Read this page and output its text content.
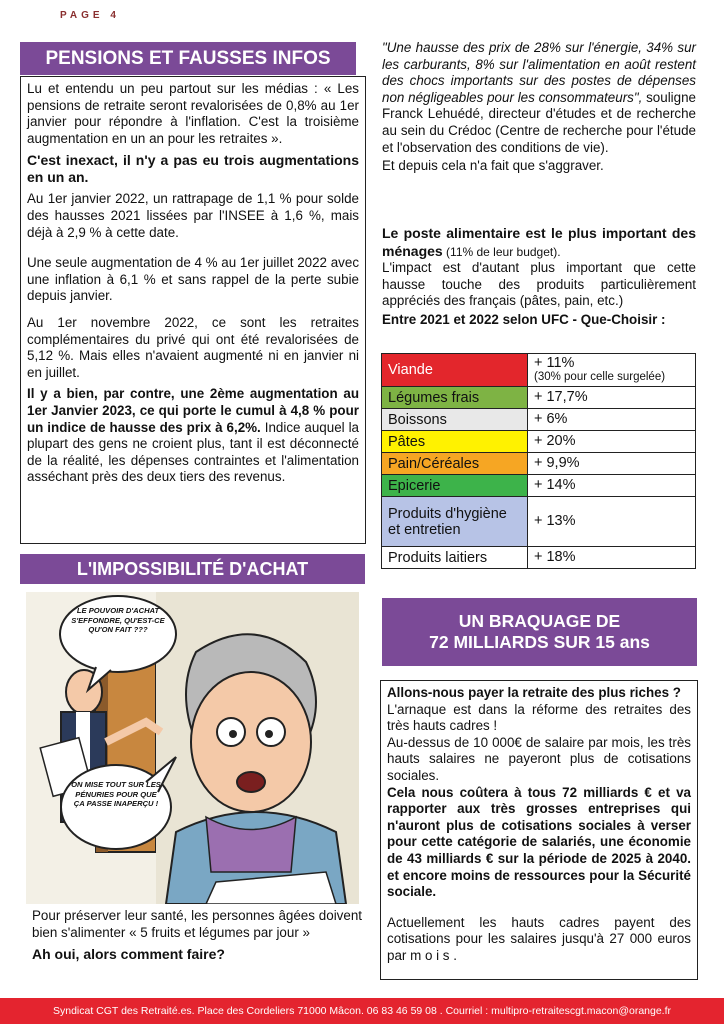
PAGE 4
PENSIONS ET FAUSSES INFOS

Lu et entendu un peu partout sur les médias : « Les pensions de retraite seront revalorisées de 0,8% au 1er janvier pour répondre à l'inflation. C'est la troisième augmentation en un an pour les retraites ».

C'est inexact, il n'y a pas eu trois augmentations en un an.

Au 1er janvier 2022, un rattrapage de 1,1 % pour solde des hausses 2021 lissées par l'INSEE à 1,6 %, mais déjà à 2,9 % à cette date.

Une seule augmentation de 4 % au 1er juillet 2022 avec une inflation à 6,1 % et sans rappel de la perte subie depuis janvier.

Au 1er novembre 2022, ce sont les retraites complémentaires du privé qui ont été revalorisées de 5,12 %. Mais elles n'avaient augmenté ni en janvier ni en juillet.

Il y a bien, par contre, une 2ème augmentation au 1er Janvier 2023, ce qui porte le cumul à 4,8 % pour un indice de hausse des prix à 6,2%. Indice auquel la plupart des gens ne croient plus, tant il est déconnecté de la réalité, les dépenses contraintes et l'alimentation asséchant près des deux tiers des revenus.

L'IMPOSSIBILITÉ D'ACHAT
LE POUVOIR D'ACHAT S'EFFONDRE, QU'EST-CE QU'ON FAIT ???
ON MISE TOUT SUR LES PÉNURIES POUR QUE ÇA PASSE INAPERÇU !

Pour préserver leur santé, les personnes âgées doivent bien s'alimenter « 5 fruits et légumes par jour »

Ah oui, alors comment faire?

"Une hausse des prix de 28% sur l'énergie, 34% sur les carburants, 8% sur l'alimentation en août restent des chocs importants sur des postes de dépenses non négligeables pour les consommateurs", souligne Franck Lehuédé, directeur d'études et de recherche au sein du Crédoc (Centre de recherche pour l'étude et l'observation des conditions de vie).

Et depuis cela n'a fait que s'aggraver.

Le poste alimentaire est le plus important des ménages (11% de leur budget).

L'impact est d'autant plus important que cette hausse touche des produits particulièrement appréciés des français (pâtes, pain, etc.)

Entre 2021 et 2022 selon UFC - Que-Choisir :

Viande	+ 11%
(30% pour celle surgelée)

Légumes frais	+ 17,7%

Boissons	+ 6%

Pâtes	+ 20%

Pain/Céréales	+ 9,9%

Epicerie	+ 14%

Produits d'hygiène et entretien	+ 13%

Produits laitiers	+ 18%
UN BRAQUAGE DE
72 MILLIARDS SUR 15 ans

Allons-nous payer la retraite des plus riches ?

L'arnaque est dans la réforme des retraites des très hauts cadres !

Au-dessus de 10 000€ de salaire par mois, les très hauts salaires ne payeront plus de cotisations sociales.

Cela nous coûtera à tous 72 milliards € et va rapporter aux très grosses entreprises qui n'auront plus de cotisations sociales à verser pour cette catégorie de salariés, une économie de 43 milliards € sur la période de 2025 à 2040. et encore moins de ressources pour la Sécurité sociale.

Actuellement les hauts cadres payent des cotisations pour les salaires jusqu'à 27 000 euros par m o i s .

Syndicat CGT des Retraité.es. Place des Cordeliers 71000 Mâcon. 06 83 46 59 08 . Courriel : multipro-retraitescgt.macon@orange.fr
